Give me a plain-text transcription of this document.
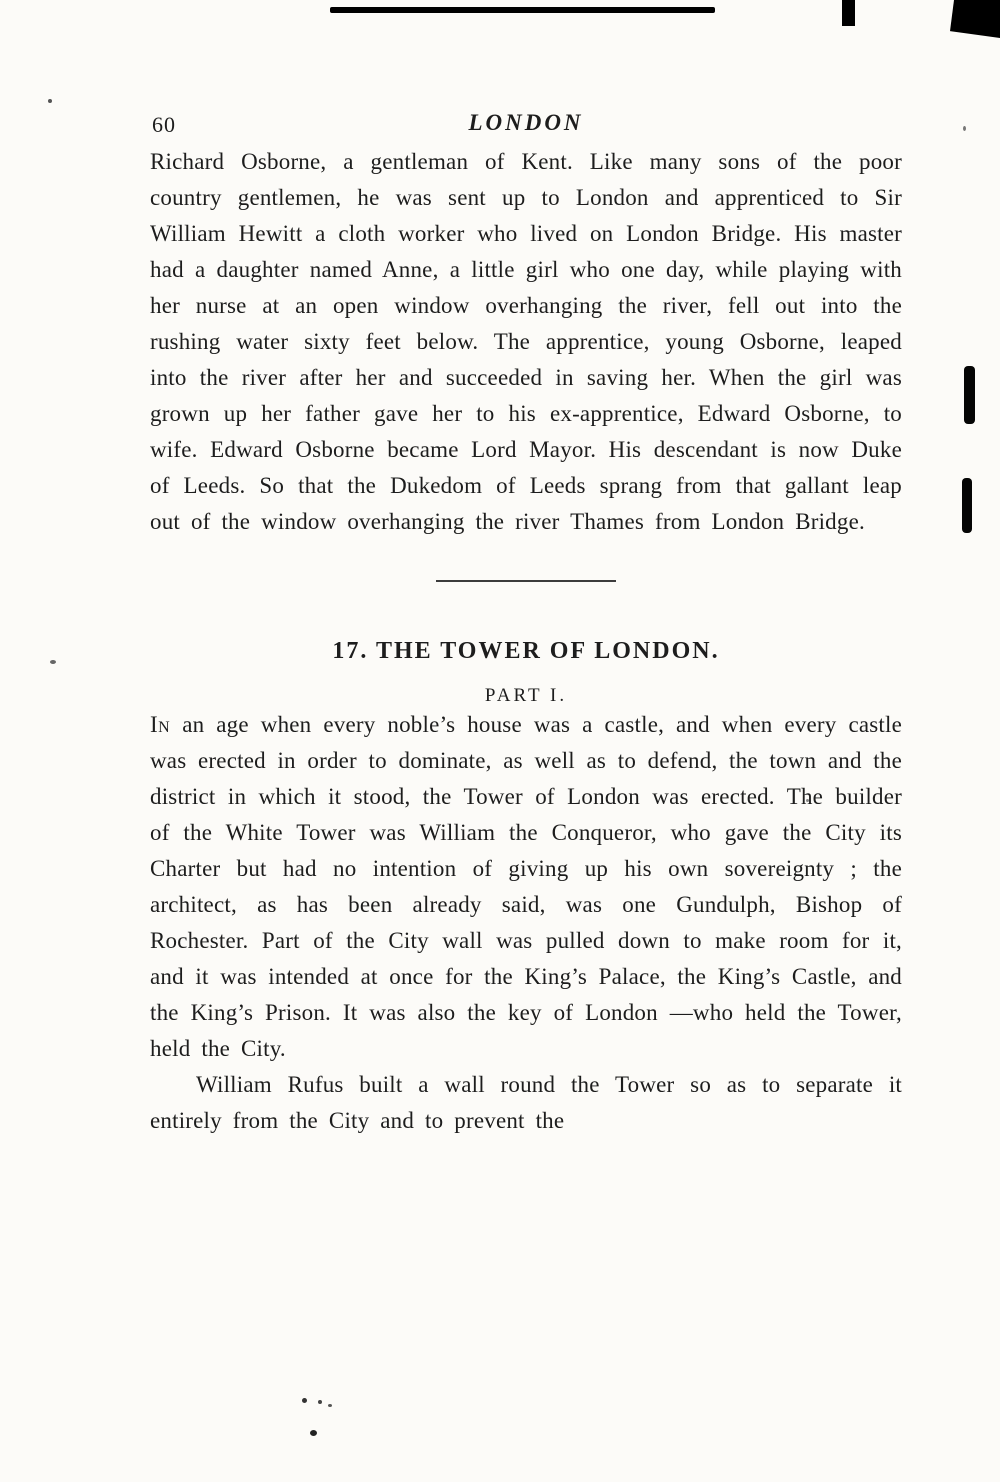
60	LONDON

Richard Osborne, a gentleman of Kent. Like many sons of the poor country gentlemen, he was sent up to London and apprenticed to Sir William Hewitt a cloth worker who lived on London Bridge. His master had a daughter named Anne, a little girl who one day, while playing with her nurse at an open window overhanging the river, fell out into the rushing water sixty feet below. The apprentice, young Osborne, leaped into the river after her and succeeded in saving her. When the girl was grown up her father gave her to his ex-apprentice, Edward Osborne, to wife. Edward Osborne became Lord Mayor. His descendant is now Duke of Leeds. So that the Dukedom of Leeds sprang from that gallant leap out of the window overhanging the river Thames from London Bridge.

17. THE TOWER OF LONDON.
PART I.

In an age when every noble’s house was a castle, and when every castle was erected in order to dominate, as well as to defend, the town and the district in which it stood, the Tower of London was erected. The builder of the White Tower was William the Conqueror, who gave the City its Charter but had no intention of giving up his own sovereignty ; the architect, as has been already said, was one Gundulph, Bishop of Rochester. Part of the City wall was pulled down to make room for it, and it was intended at once for the King’s Palace, the King’s Castle, and the King’s Prison. It was also the key of London —who held the Tower, held the City.

William Rufus built a wall round the Tower so as to separate it entirely from the City and to prevent the
